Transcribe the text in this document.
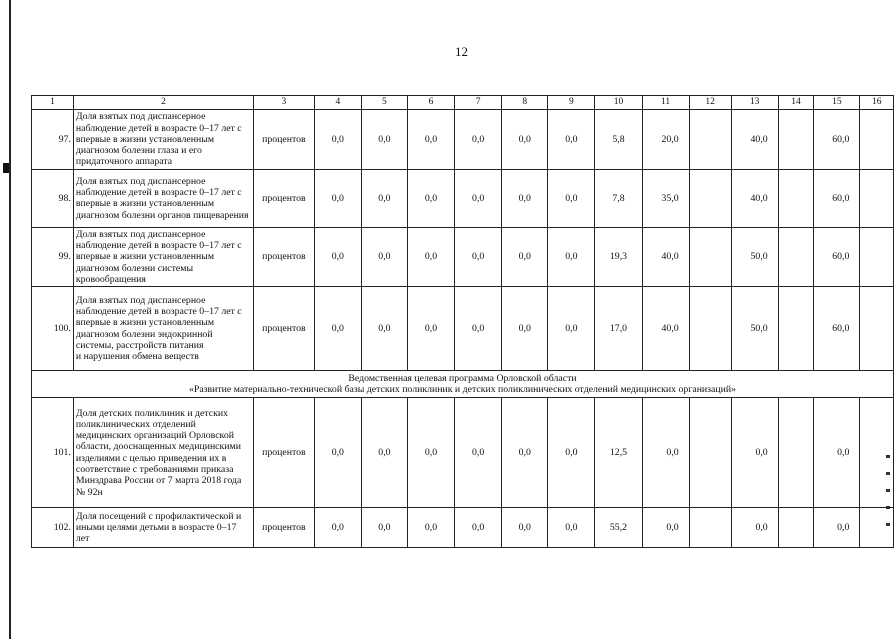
12
1	2	3	4	5	6	7	8	9	10	11	12	13	14	15	16
97.	Доля взятых под диспансерное наблюдение детей в возрасте 0–17 лет с впервые в жизни установленным диагнозом болезни глаза и его придаточного аппарата	процентов	0,0	0,0	0,0	0,0	0,0	0,0	5,8	20,0		40,0		60,0	
98.	Доля взятых под диспансерное наблюдение детей в возрасте 0–17 лет с впервые в жизни установленным диагнозом болезни органов пищеварения	процентов	0,0	0,0	0,0	0,0	0,0	0,0	7,8	35,0		40,0		60,0	
99.	Доля взятых под диспансерное наблюдение детей в возрасте 0–17 лет с впервые в жизни установленным диагнозом болезни системы кровообращения	процентов	0,0	0,0	0,0	0,0	0,0	0,0	19,3	40,0		50,0		60,0	
100.	Доля взятых под диспансерное наблюдение детей в возрасте 0–17 лет с впервые в жизни установленным диагнозом болезни эндокринной системы, расстройств питания
и нарушения обмена веществ	процентов	0,0	0,0	0,0	0,0	0,0	0,0	17,0	40,0		50,0		60,0	

Ведомственная целевая программа Орловской области
«Развитие материально-технической базы детских поликлиник и детских поликлинических отделений медицинских организаций»															

101.	Доля детских поликлиник и детских поликлинических отделений медицинских организаций Орловской области, дооснащенных медицинскими изделиями с целью приведения их в соответствие с требованиями приказа Минздрава России от 7 марта 2018 года
№ 92н	процентов	0,0	0,0	0,0	0,0	0,0	0,0	12,5	0,0		0,0		0,0	
102.	Доля посещений с профилактической и иными целями детьми в возрасте 0–17 лет	процентов	0,0	0,0	0,0	0,0	0,0	0,0	55,2	0,0		0,0		0,0	
